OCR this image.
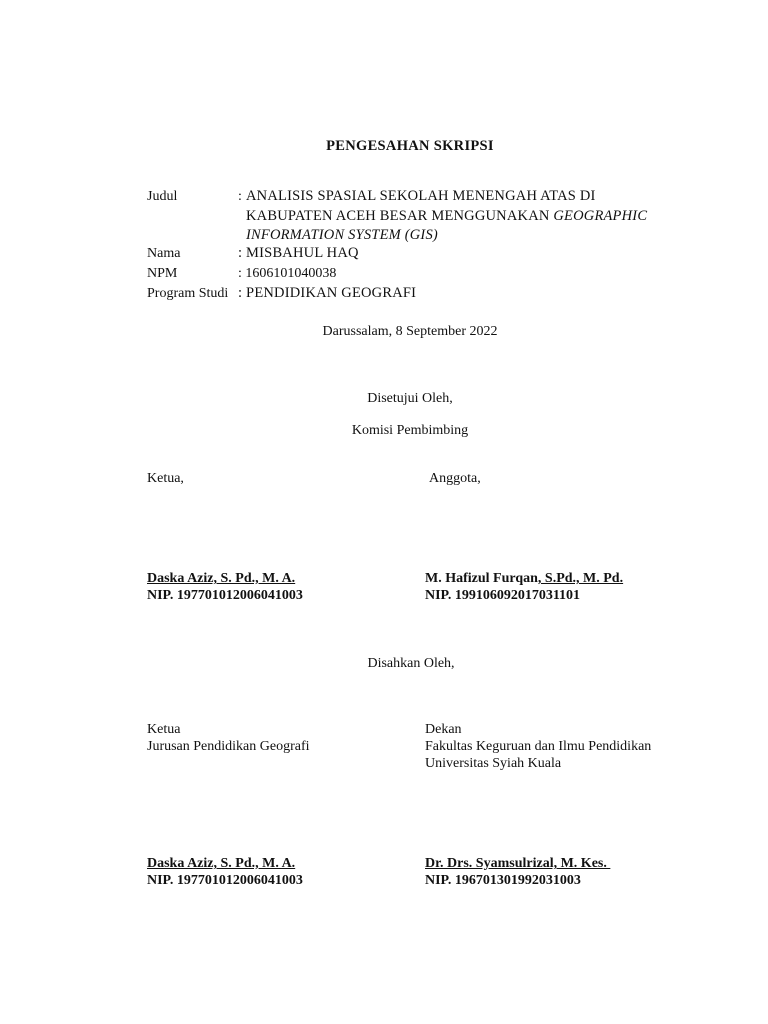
PENGESAHAN SKRIPSI
Judul	: ANALISIS SPASIAL SEKOLAH MENENGAH ATAS DI
KABUPATEN ACEH BESAR MENGGUNAKAN GEOGRAPHIC
INFORMATION SYSTEM (GIS)
Nama	: MISBAHUL HAQ
NPM	: 1606101040038
Program Studi : PENDIDIKAN GEOGRAFI
Darussalam, 8 September 2022
Disetujui Oleh,
Komisi Pembimbing
Ketua,	Anggota,
Daska Aziz, S. Pd., M. A.
NIP. 197701012006041003
M. Hafizul Furqan, S.Pd., M. Pd.
NIP. 199106092017031101
Disahkan Oleh,
Ketua
Jurusan Pendidikan Geografi
Dekan
Fakultas Keguruan dan Ilmu Pendidikan
Universitas Syiah Kuala
Daska Aziz, S. Pd., M. A.
NIP. 197701012006041003
Dr. Drs. Syamsulrizal, M. Kes.
NIP. 196701301992031003
